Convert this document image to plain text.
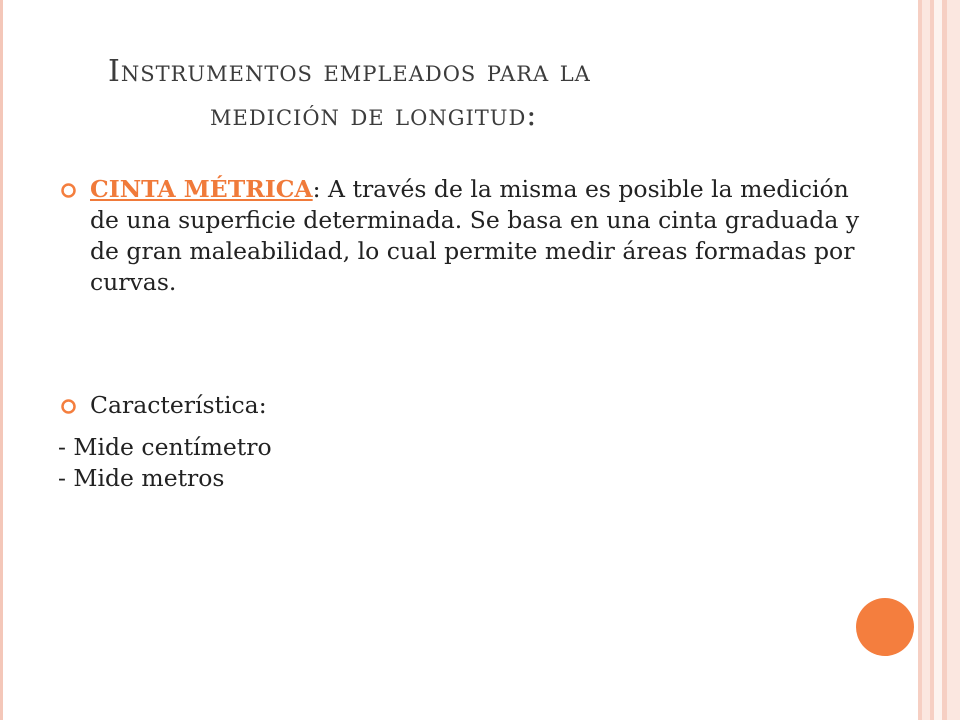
Instrumentos empleados para la
medición de longitud:
CINTA MÉTRICA: A través de la misma es posible la medición de una superficie determinada. Se basa en una cinta graduada y de gran maleabilidad, lo cual permite medir áreas formadas por curvas.
Característica:
- Mide centímetro
- Mide metros
